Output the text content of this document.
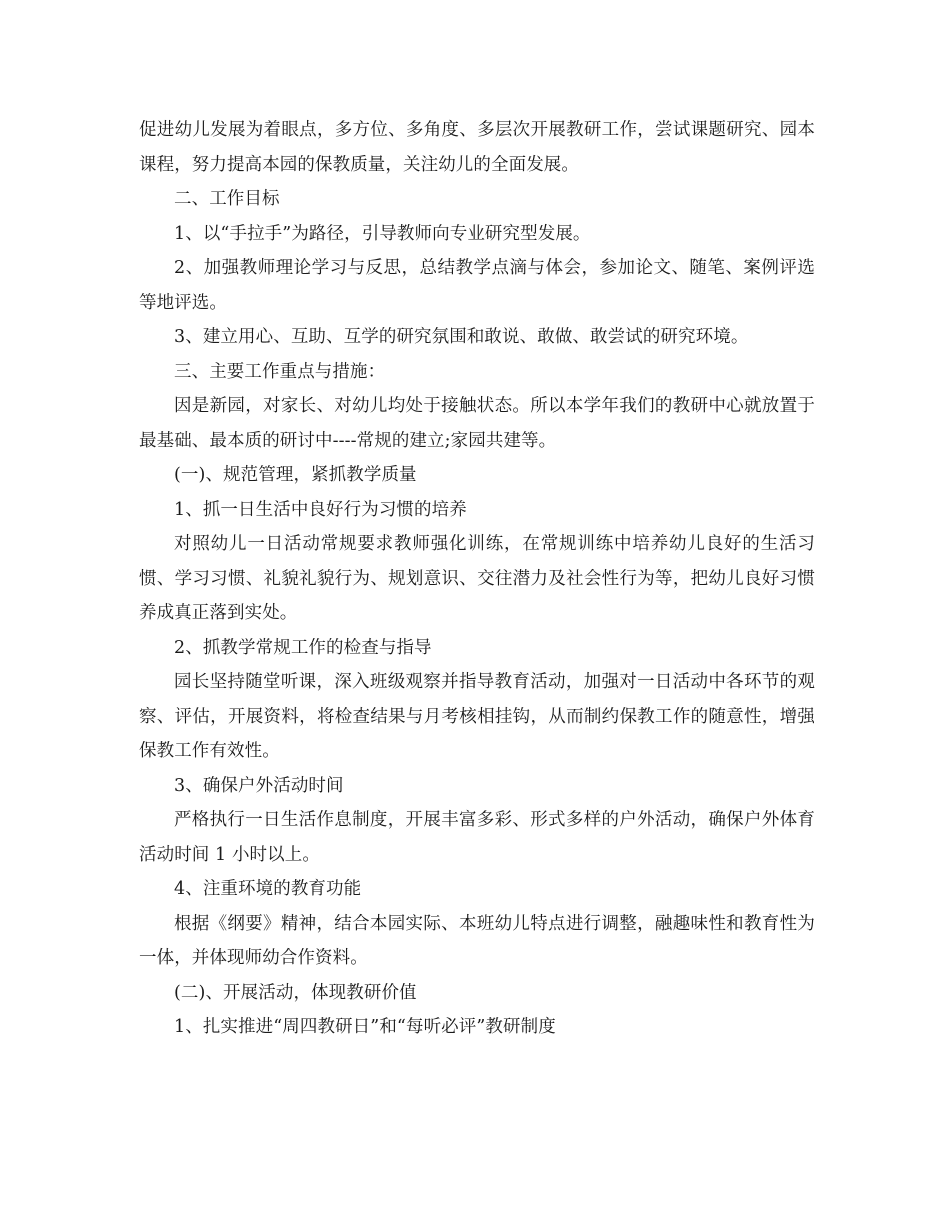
促进幼儿发展为着眼点，多方位、多角度、多层次开展教研工作，尝试课题研究、园本课程，努力提高本园的保教质量，关注幼儿的全面发展。

二、工作目标

1、以“手拉手”为路径，引导教师向专业研究型发展。

2、加强教师理论学习与反思，总结教学点滴与体会，参加论文、随笔、案例评选等地评选。

3、建立用心、互助、互学的研究氛围和敢说、敢做、敢尝试的研究环境。

三、主要工作重点与措施：

因是新园，对家长、对幼儿均处于接触状态。所以本学年我们的教研中心就放置于最基础、最本质的研讨中----常规的建立;家园共建等。

(一)、规范管理，紧抓教学质量

1、抓一日生活中良好行为习惯的培养

对照幼儿一日活动常规要求教师强化训练，在常规训练中培养幼儿良好的生活习惯、学习习惯、礼貌礼貌行为、规划意识、交往潜力及社会性行为等，把幼儿良好习惯养成真正落到实处。

2、抓教学常规工作的检查与指导

园长坚持随堂听课，深入班级观察并指导教育活动，加强对一日活动中各环节的观察、评估，开展资料，将检查结果与月考核相挂钩，从而制约保教工作的随意性，增强保教工作有效性。

3、确保户外活动时间

严格执行一日生活作息制度，开展丰富多彩、形式多样的户外活动，确保户外体育活动时间 1 小时以上。

4、注重环境的教育功能

根据《纲要》精神，结合本园实际、本班幼儿特点进行调整，融趣味性和教育性为一体，并体现师幼合作资料。

(二)、开展活动，体现教研价值

1、扎实推进“周四教研日”和“每听必评”教研制度
